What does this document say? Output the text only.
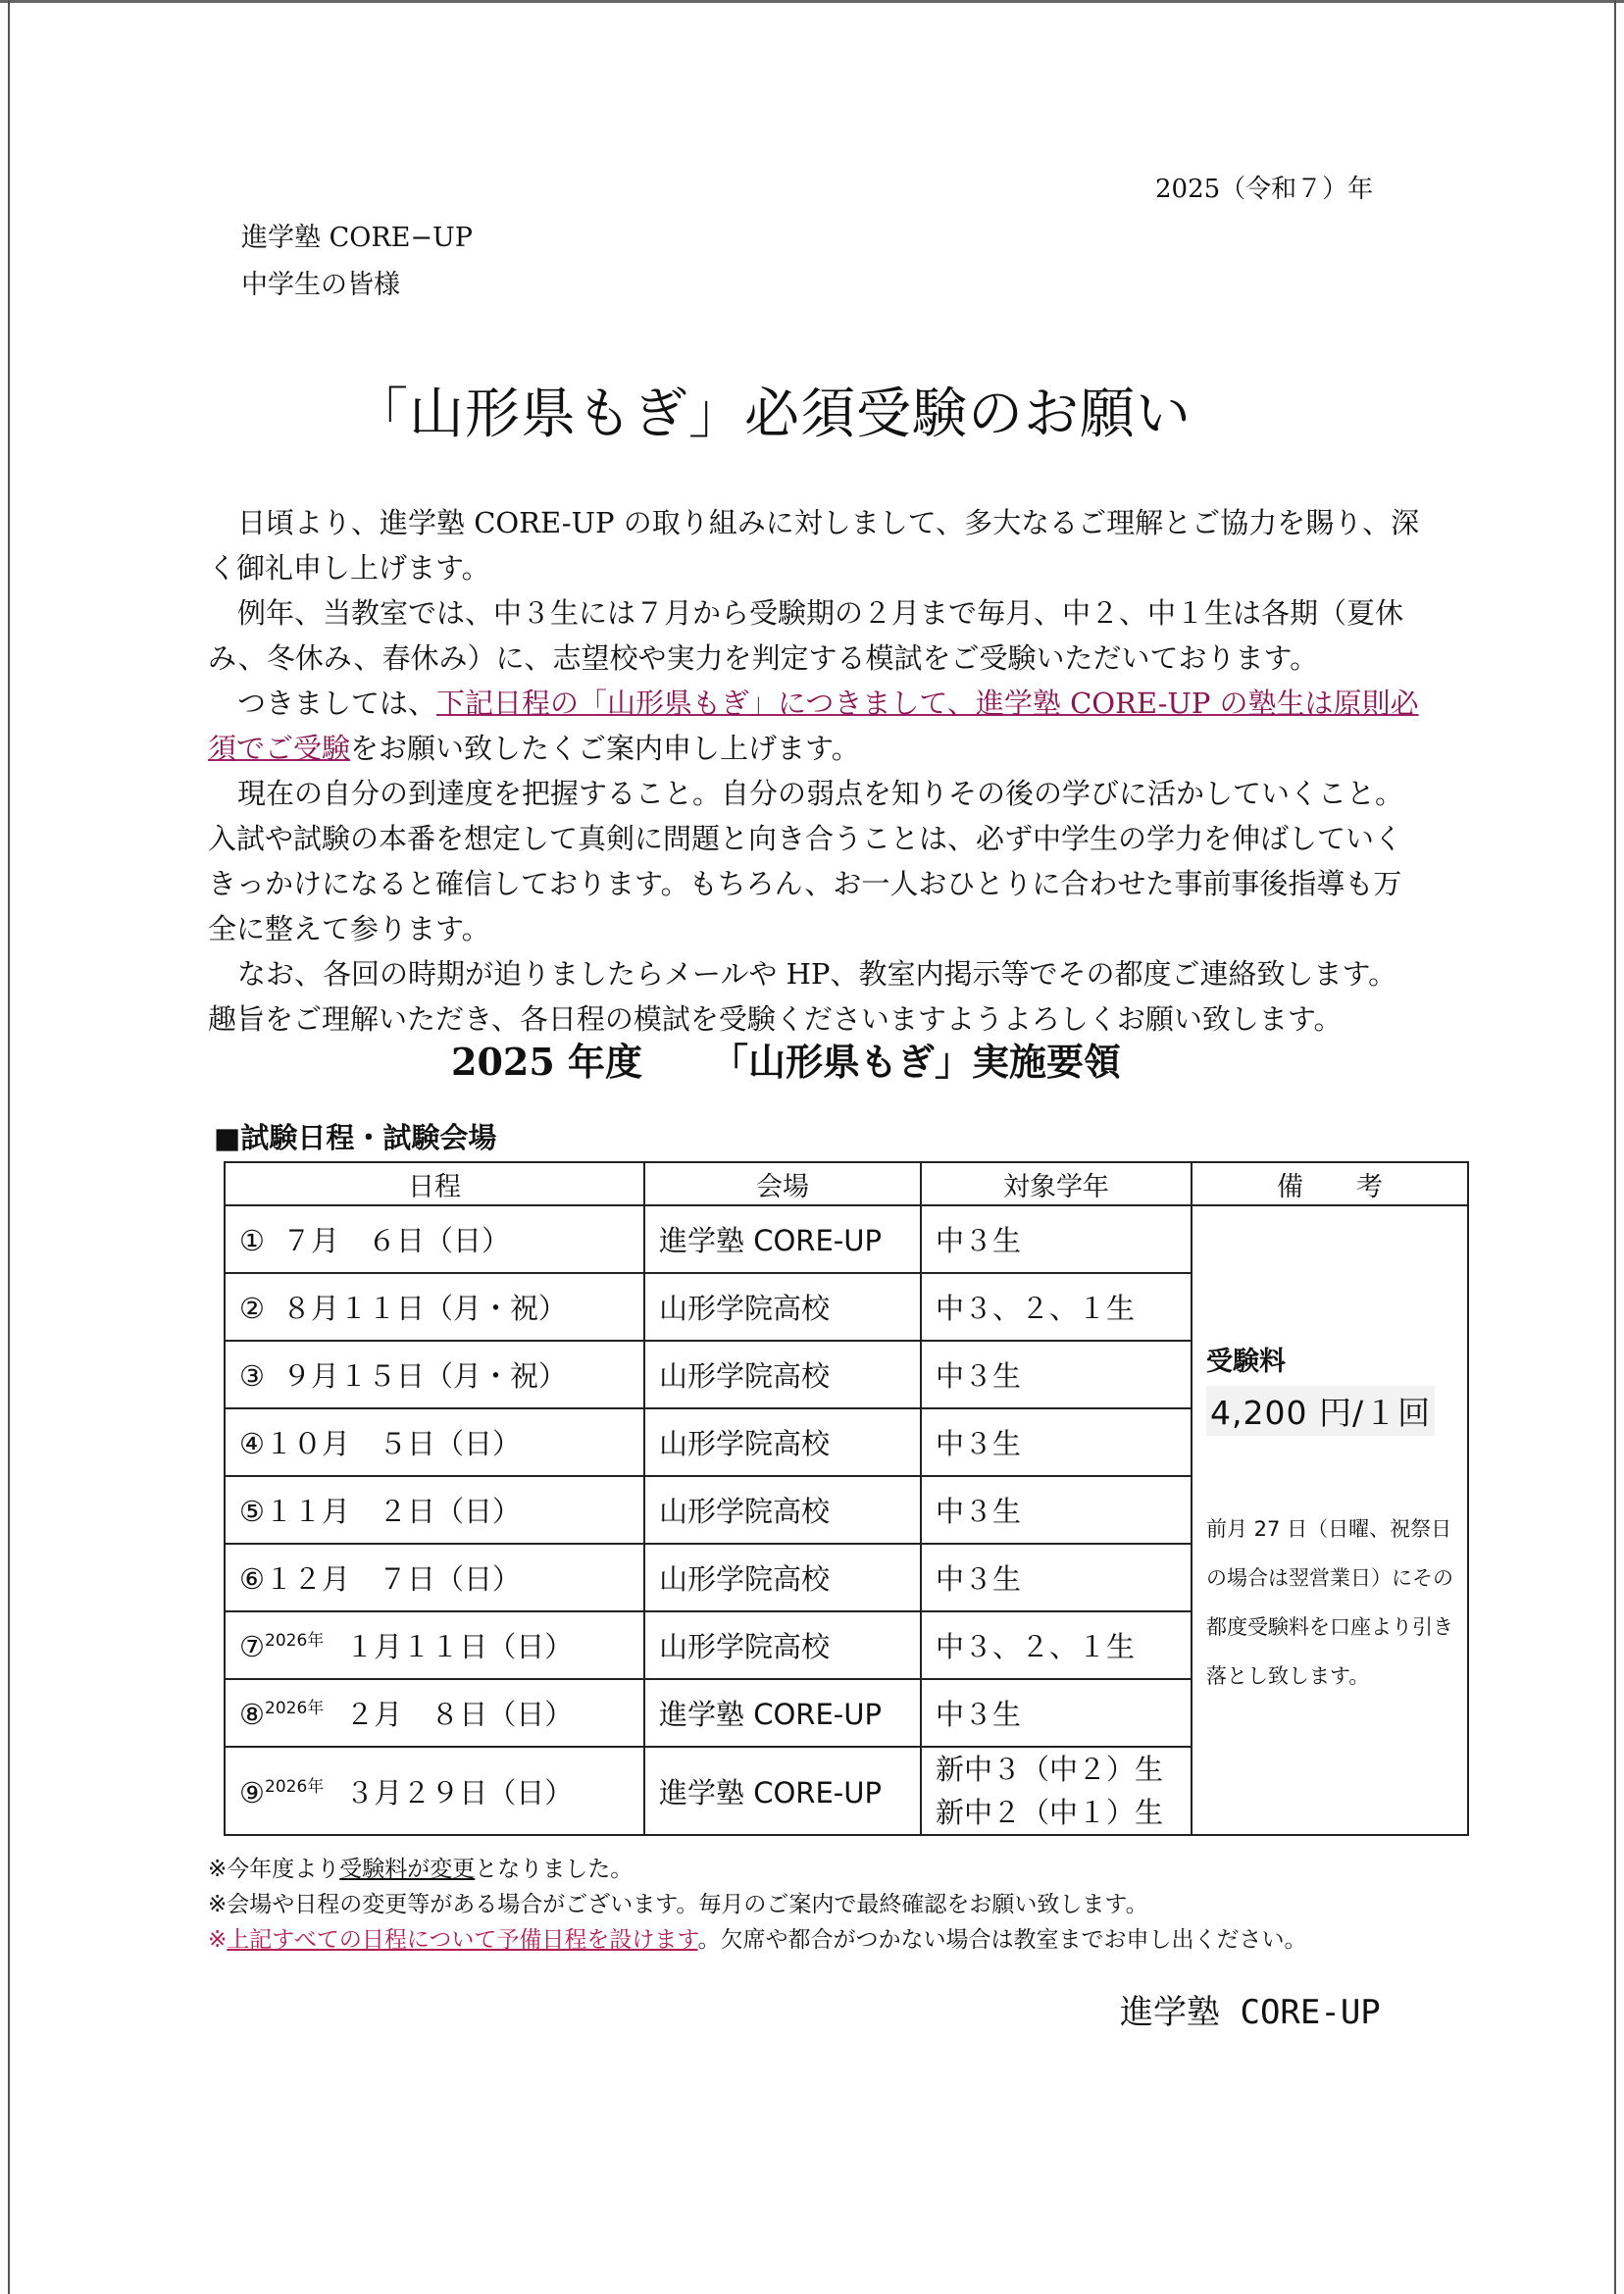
2025（令和７）年
進学塾 CORE−UP
中学生の皆様
「山形県もぎ」必須受験のお願い

日頃より、進学塾 CORE-UP の取り組みに対しまして、多大なるご理解とご協力を賜り、深く御礼申し上げます。

例年、当教室では、中３生には７月から受験期の２月まで毎月、中２、中１生は各期（夏休み、冬休み、春休み）に、志望校や実力を判定する模試をご受験いただいております。

つきましては、下記日程の「山形県もぎ」につきまして、進学塾 CORE-UP の塾生は原則必須でご受験をお願い致したくご案内申し上げます。

現在の自分の到達度を把握すること。自分の弱点を知りその後の学びに活かしていくこと。入試や試験の本番を想定して真剣に問題と向き合うことは、必ず中学生の学力を伸ばしていくきっかけになると確信しております。もちろん、お一人おひとりに合わせた事前事後指導も万全に整えて参ります。

なお、各回の時期が迫りましたらメールや HP、教室内掲示等でその都度ご連絡致します。趣旨をご理解いただき、各日程の模試を受験くださいますようよろしくお願い致します。

2025 年度 「山形県もぎ」実施要領
■試験日程・試験会場
日程	会場	対象学年	備　　考
① ７月　６日（日）	進学塾 CORE-UP	中３生	受験料
4,200 円/１回
前月 27 日（日曜、祝祭日の場合は翌営業日）にその都度受験料を口座より引き落とし致します。

② ８月１１日（月・祝）	山形学院高校	中３、２、１生	
③ ９月１５日（月・祝）	山形学院高校	中３生	
④１０月　５日（日）	山形学院高校	中３生	
⑤１１月　２日（日）	山形学院高校	中３生	
⑥１２月　７日（日）	山形学院高校	中３生	
⑦$^{2026年}$ １月１１日（日）	山形学院高校	中３、２、１生	
⑧$^{2026年}$ ２月　８日（日）	進学塾 CORE-UP	中３生	
⑨$^{2026年}$ ３月２９日（日）	進学塾 CORE-UP	新中３（中２）生
新中２（中１）生	

※今年度より受験料が変更となりました。

※会場や日程の変更等がある場合がございます。毎月のご案内で最終確認をお願い致します。

※上記すべての日程について予備日程を設けます。欠席や都合がつかない場合は教室までお申し出ください。

進学塾 CORE-UP
